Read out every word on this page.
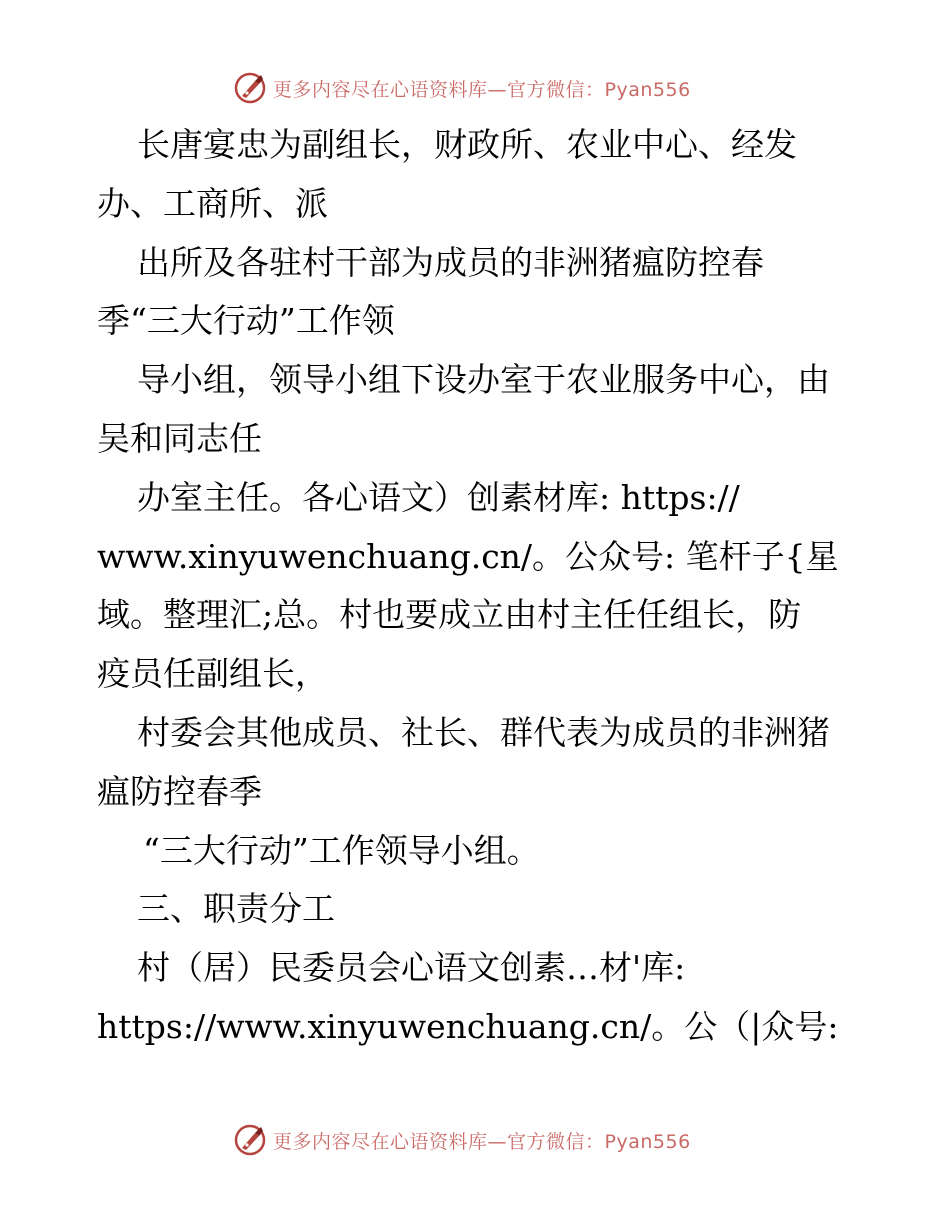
更多内容尽在心语资料库—官方微信：Pyan556
长唐宴忠为副组长，财政所、农业中心、经发
办、工商所、派
出所及各驻村干部为成员的非洲猪瘟防控春
季“三大行动”工作领
导小组，领导小组下设办室于农业服务中心，由
吴和同志任
办室主任。各心语文）创素材库: https://
www.xinyuwenchuang.cn/。公众号: 笔杆子{星
域。整理汇;总。村也要成立由村主任任组长，防
疫员任副组长，
村委会其他成员、社长、群代表为成员的非洲猪
瘟防控春季
“三大行动”工作领导小组。
三、职责分工
村（居）民委员会心语文创素…材'库:
https://www.xinyuwenchuang.cn/。公（|众号:
更多内容尽在心语资料库—官方微信：Pyan556
